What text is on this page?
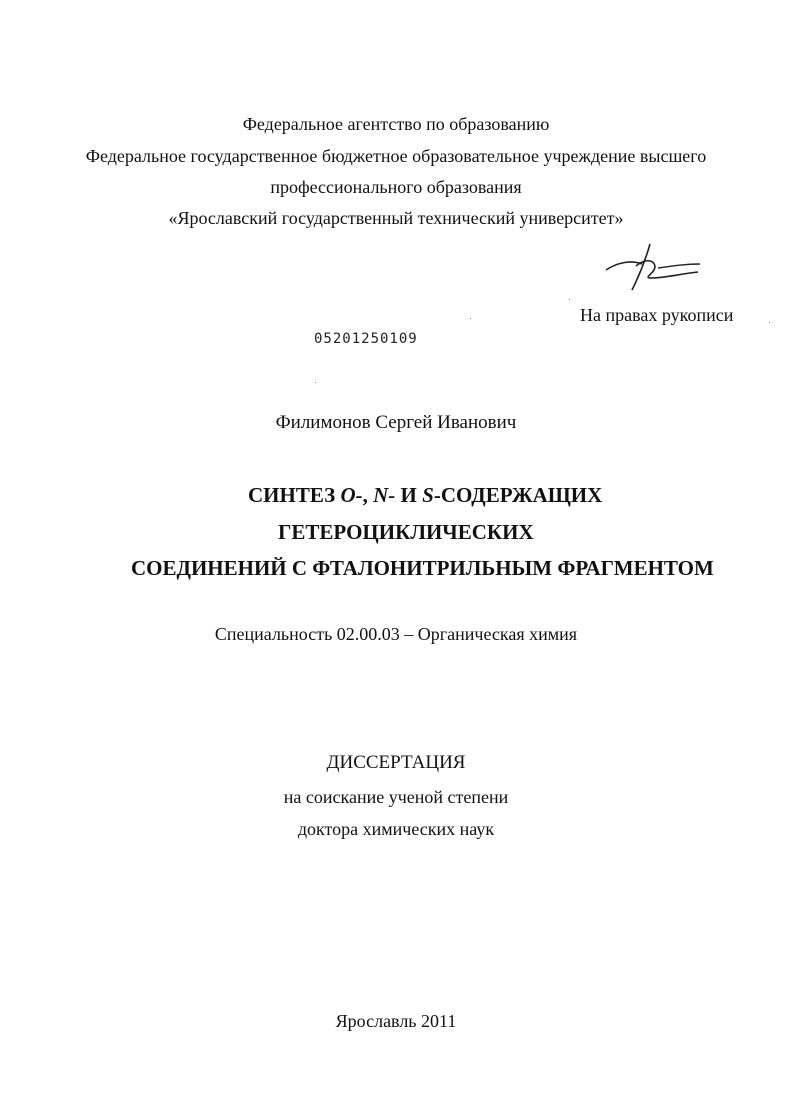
Федеральное агентство по образованию
Федеральное государственное бюджетное образовательное учреждение высшего
профессионального образования
«Ярославский государственный технический университет»
На правах рукописи
05201250109
Филимонов Сергей Иванович
СИНТЕЗ O-, N- И S-СОДЕРЖАЩИХ
ГЕТЕРОЦИКЛИЧЕСКИХ
СОЕДИНЕНИЙ С ФТАЛОНИТРИЛЬНЫМ ФРАГМЕНТОМ
Специальность 02.00.03 – Органическая химия
ДИССЕРТАЦИЯ
на соискание ученой степени
доктора химических наук
Ярославль 2011
